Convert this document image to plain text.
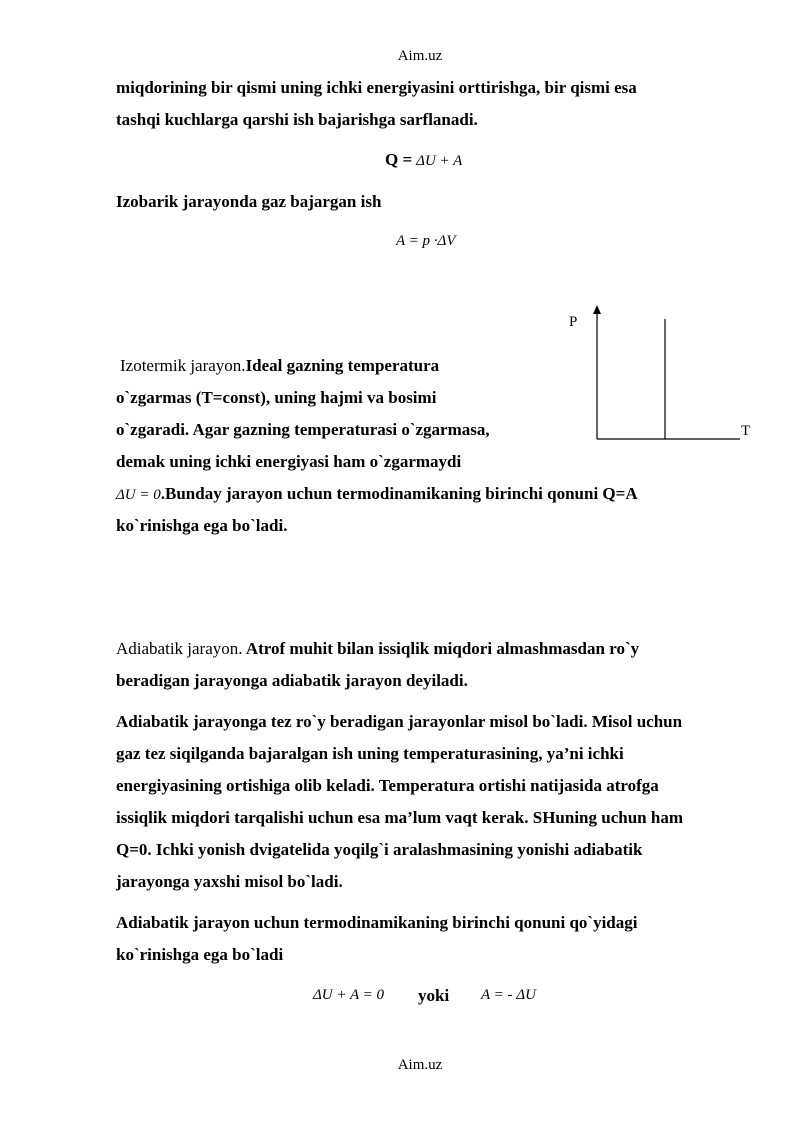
Aim.uz
miqdorining bir qismi uning ichki energiyasini orttirishga, bir qismi esa
tashqi kuchlarga qarshi ish bajarishga sarflanadi.
Q = ΔU + A
Izobarik jarayonda gaz bajargan ish
A = p ·ΔV
P
T
Izotermik jarayon.Ideal gazning temperatura
o`zgarmas (T=const), uning hajmi va bosimi
o`zgaradi. Agar gazning temperaturasi o`zgarmasa,
demak uning ichki energiyasi ham o`zgarmaydi
ΔU = 0.Bunday jarayon uchun termodinamikaning birinchi qonuni Q=A
ko`rinishga ega bo`ladi.
Adiabatik jarayon. Atrof muhit bilan issiqlik miqdori almashmasdan ro`y
beradigan jarayonga adiabatik jarayon deyiladi.
Adiabatik jarayonga tez ro`y beradigan jarayonlar misol bo`ladi. Misol uchun
gaz tez siqilganda bajaralgan ish uning temperaturasining, ya’ni ichki
energiyasining ortishiga olib keladi. Temperatura ortishi natijasida atrofga
issiqlik miqdori tarqalishi uchun esa ma’lum vaqt kerak. SHuning uchun ham
Q=0. Ichki yonish dvigatelida yoqilg`i aralashmasining yonishi adiabatik
jarayonga yaxshi misol bo`ladi.
Adiabatik jarayon uchun termodinamikaning birinchi qonuni qo`yidagi
ko`rinishga ega bo`ladi
ΔU + A = 0 yoki A = - ΔU
Aim.uz
